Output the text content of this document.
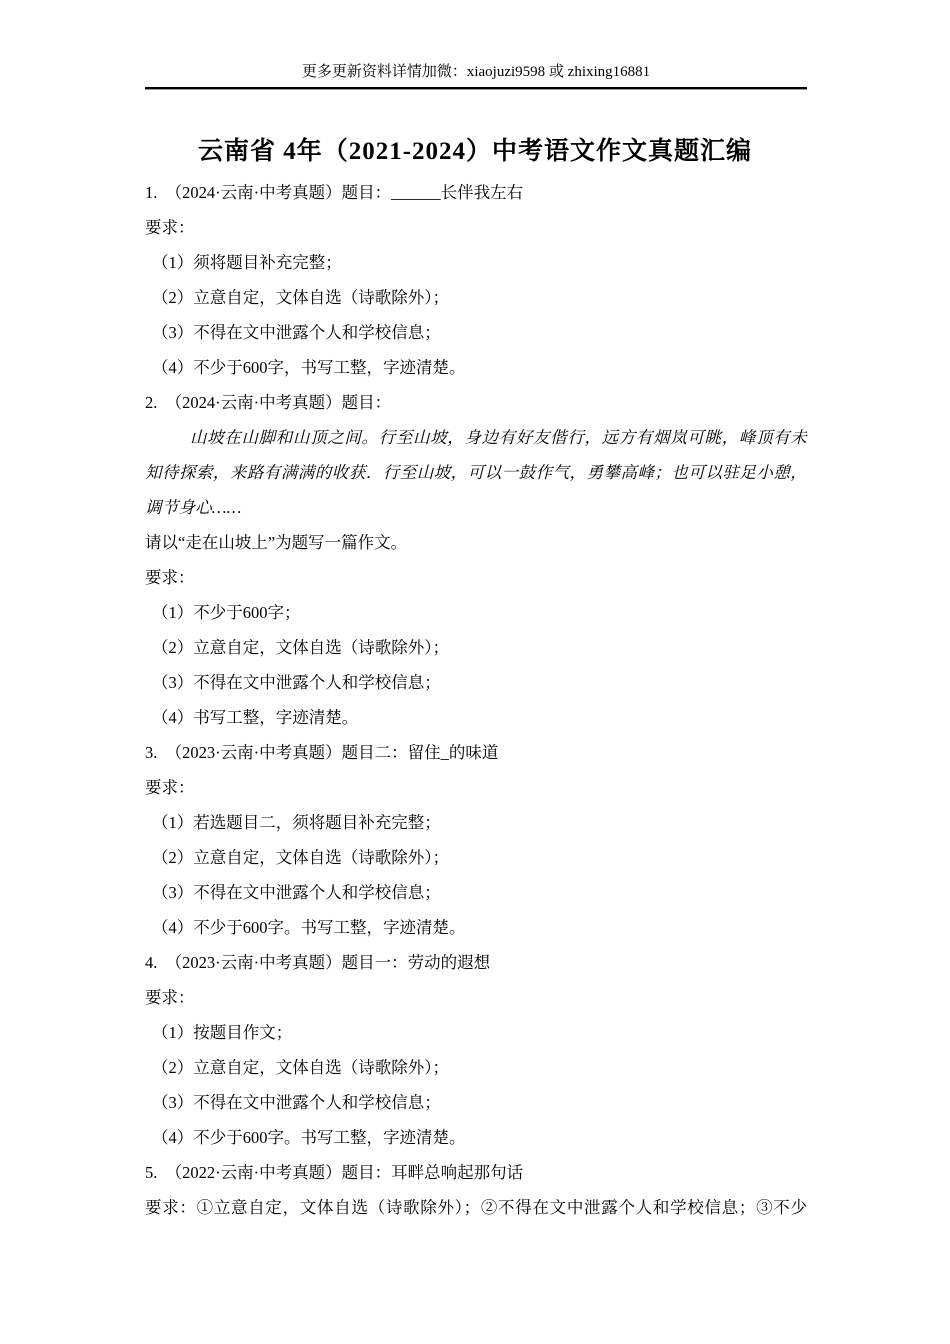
更多更新资料详情加微：xiaojuzi9598 或 zhixing16881
云南省 4年（2021-2024）中考语文作文真题汇编
1.　（2024·云南·中考真题）题目：______长伴我左右
要求：
（1）须将题目补充完整；
（2）立意自定，文体自选（诗歌除外）；
（3）不得在文中泄露个人和学校信息；
（4）不少于600字，书写工整，字迹清楚。
2.　（2024·云南·中考真题）题目：
山坡在山脚和山顶之间。行至山坡，身边有好友偕行，远方有烟岚可眺，峰顶有未
知待探索，来路有满满的收获．行至山坡，可以一鼓作气，勇攀高峰；也可以驻足小憩，
调节身心……
请以“走在山坡上”为题写一篇作文。
要求：
（1）不少于600字；
（2）立意自定，文体自选（诗歌除外）；
（3）不得在文中泄露个人和学校信息；
（4）书写工整，字迹清楚。
3.　（2023·云南·中考真题）题目二：留住_的味道
要求：
（1）若选题目二，须将题目补充完整；
（2）立意自定，文体自选（诗歌除外）；
（3）不得在文中泄露个人和学校信息；
（4）不少于600字。书写工整，字迹清楚。
4.　（2023·云南·中考真题）题目一：劳动的遐想
要求：
（1）按题目作文；
（2）立意自定，文体自选（诗歌除外）；
（3）不得在文中泄露个人和学校信息；
（4）不少于600字。书写工整，字迹清楚。
5.　（2022·云南·中考真题）题目：耳畔总响起那句话
要求：①立意自定，文体自选（诗歌除外）；②不得在文中泄露个人和学校信息；③不少
